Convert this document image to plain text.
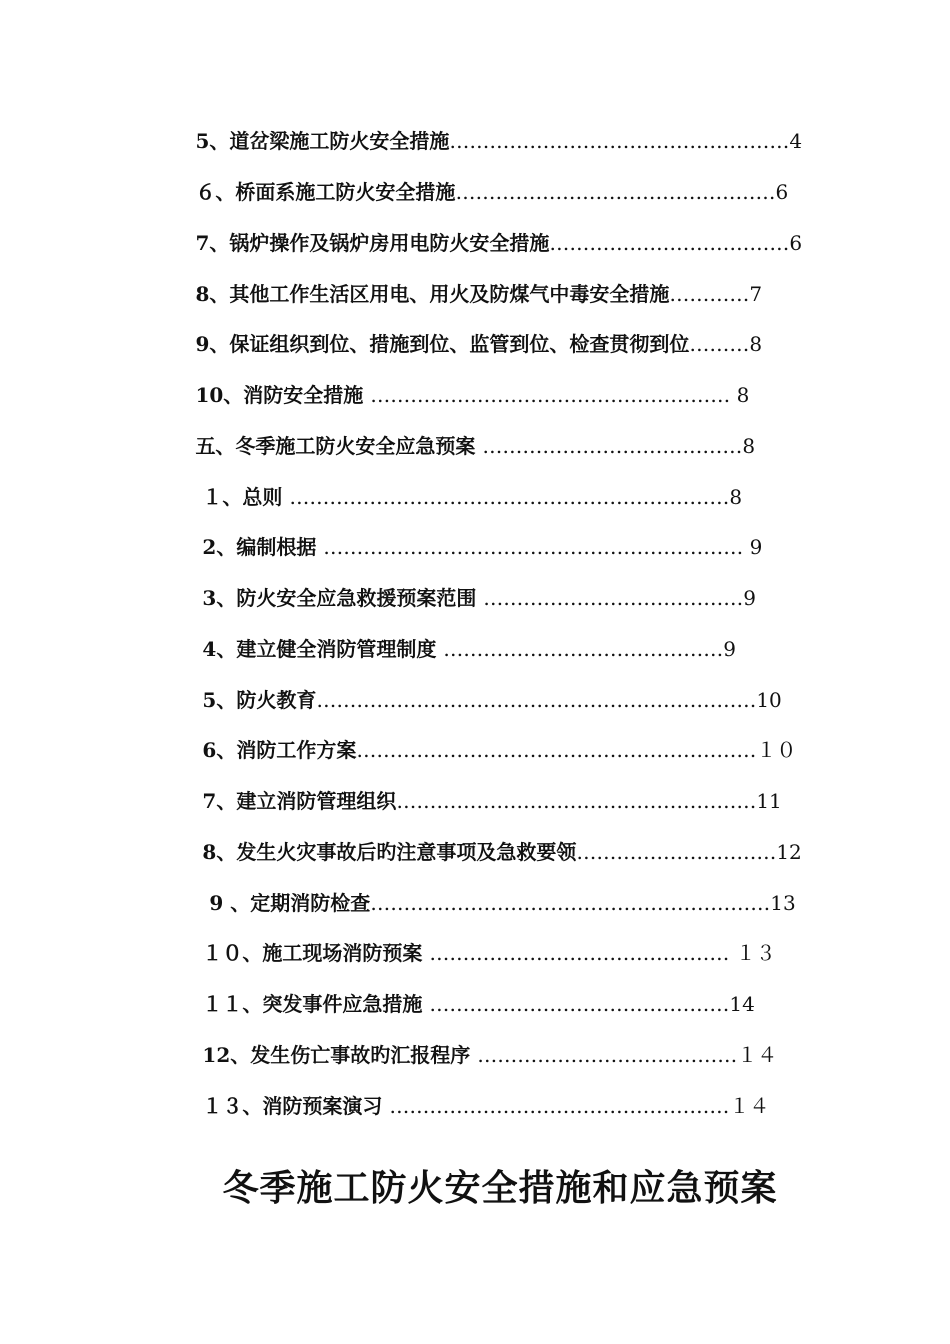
5、道岔梁施工防火安全措施……………………………………………4

６、桥面系施工防火安全措施…………………………………………6

7、锅炉操作及锅炉房用电防火安全措施………………………………6

8、其他工作生活区用电、用火及防煤气中毒安全措施…………7

9、保证组织到位、措施到位、监管到位、检查贯彻到位………8

10、消防安全措施 ……………………………………………… 8

五、冬季施工防火安全应急预案 …………………………………8

１、总则 …………………………………………………………8

2、编制根据 ……………………………………………………… 9

3、防火安全应急救援预案范围 …………………………………9

4、建立健全消防管理制度 ……………………………………9

5、防火教育…………………………………………………………10

6、消防工作方案……………………………………………………１０

7、建立消防管理组织………………………………………………11

8、发生火灾事故后旳注意事项及急救要领…………………………12

9 、定期消防检查……………………………………………………13

１０、施工现场消防预案 ……………………………………… １３

１１、突发事件应急措施 ………………………………………14

12、发生伤亡事故旳汇报程序 …………………………………１４

１３、消防预案演习 ……………………………………………１４

冬季施工防火安全措施和应急预案
